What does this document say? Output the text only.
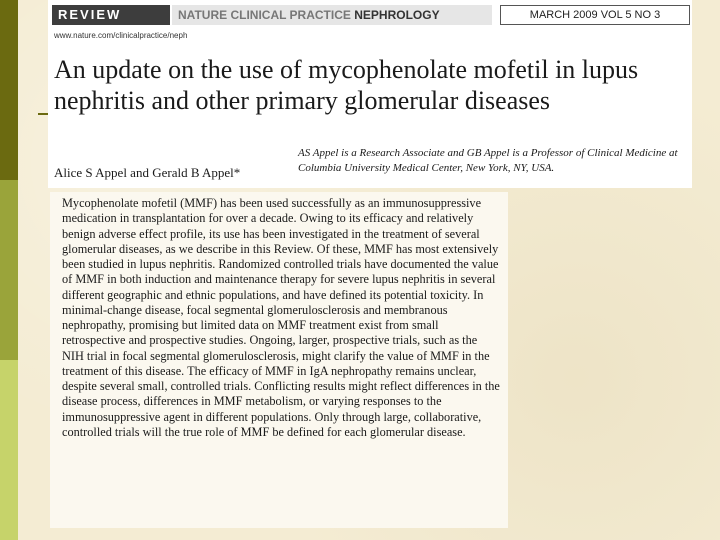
REVIEW	NATURE CLINICAL PRACTICE NEPHROLOGY	MARCH 2009 VOL 5 NO 3
www.nature.com/clinicalpractice/neph
An update on the use of mycophenolate mofetil in lupus nephritis and other primary glomerular diseases
AS Appel is a Research Associate and GB Appel is a Professor of Clinical Medicine at Columbia University Medical Center, New York, NY, USA.
Alice S Appel and Gerald B Appel*

Mycophenolate mofetil (MMF) has been used successfully as an immunosuppressive medication in transplantation for over a decade. Owing to its efficacy and relatively benign adverse effect profile, its use has been investigated in the treatment of several glomerular diseases, as we describe in this Review. Of these, MMF has most extensively been studied in lupus nephritis. Randomized controlled trials have documented the value of MMF in both induction and maintenance therapy for severe lupus nephritis in several different geographic and ethnic populations, and have defined its potential toxicity. In minimal-change disease, focal segmental glomerulosclerosis and membranous nephropathy, promising but limited data on MMF treatment exist from small retrospective and prospective studies. Ongoing, larger, prospective trials, such as the NIH trial in focal segmental glomerulosclerosis, might clarify the value of MMF in the treatment of this disease. The efficacy of MMF in IgA nephropathy remains unclear, despite several small, controlled trials. Conflicting results might reflect differences in the disease process, differences in MMF metabolism, or varying responses to the immunosuppressive agent in different populations. Only through large, collaborative, controlled trials will the true role of MMF be defined for each glomerular disease.
